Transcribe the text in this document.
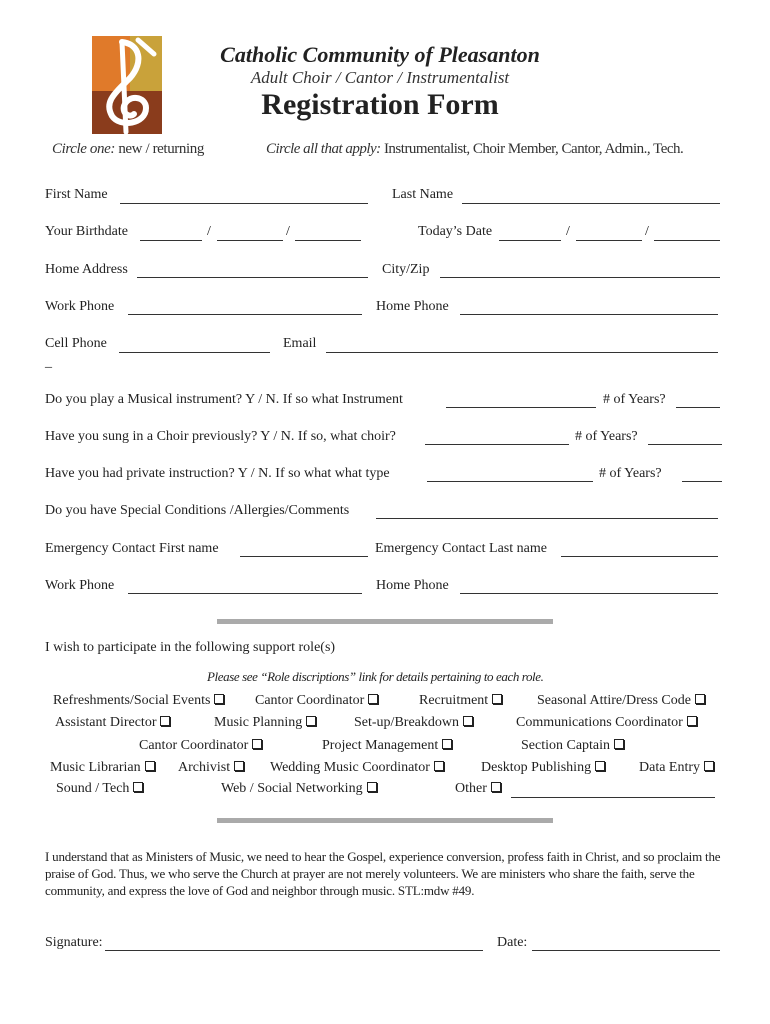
Catholic Community of Pleasanton
Adult Choir / Cantor / Instrumentalist
Registration Form
Circle one: new / returning	Circle all that apply: Instrumentalist, Choir Member, Cantor, Admin., Tech.
First Name	Last Name
Your Birthdate	/	/	Today’s Date	/	/
Home Address	City/Zip
Work Phone	Home Phone
Cell Phone	Email
_
Do you play a Musical instrument? Y / N. If so what Instrument	# of Years?
Have you sung in a Choir previously? Y / N. If so, what choir?	# of Years?
Have you had private instruction? Y / N. If so what what type	# of Years?
Do you have Special Conditions /Allergies/Comments
Emergency Contact First name	Emergency Contact Last name
Work Phone	Home Phone
I wish to participate in the following support role(s)
Please see “Role discriptions” link for details pertaining to each role.
Refreshments/Social Events	Cantor Coordinator	Recruitment	Seasonal Attire/Dress Code
Assistant Director	Music Planning	Set-up/Breakdown	Communications Coordinator
Cantor Coordinator	Project Management	Section Captain
Music Librarian	Archivist	Wedding Music Coordinator	Desktop Publishing	Data Entry
Sound / Tech	Web / Social Networking	Other
I understand that as Ministers of Music, we need to hear the Gospel, experience conversion, profess faith in Christ, and so proclaim the praise of God. Thus, we who serve the Church at prayer are not merely volunteers. We are ministers who share the faith, serve the community, and express the love of God and neighbor through music. STL:mdw #49.
Signature:	Date:
